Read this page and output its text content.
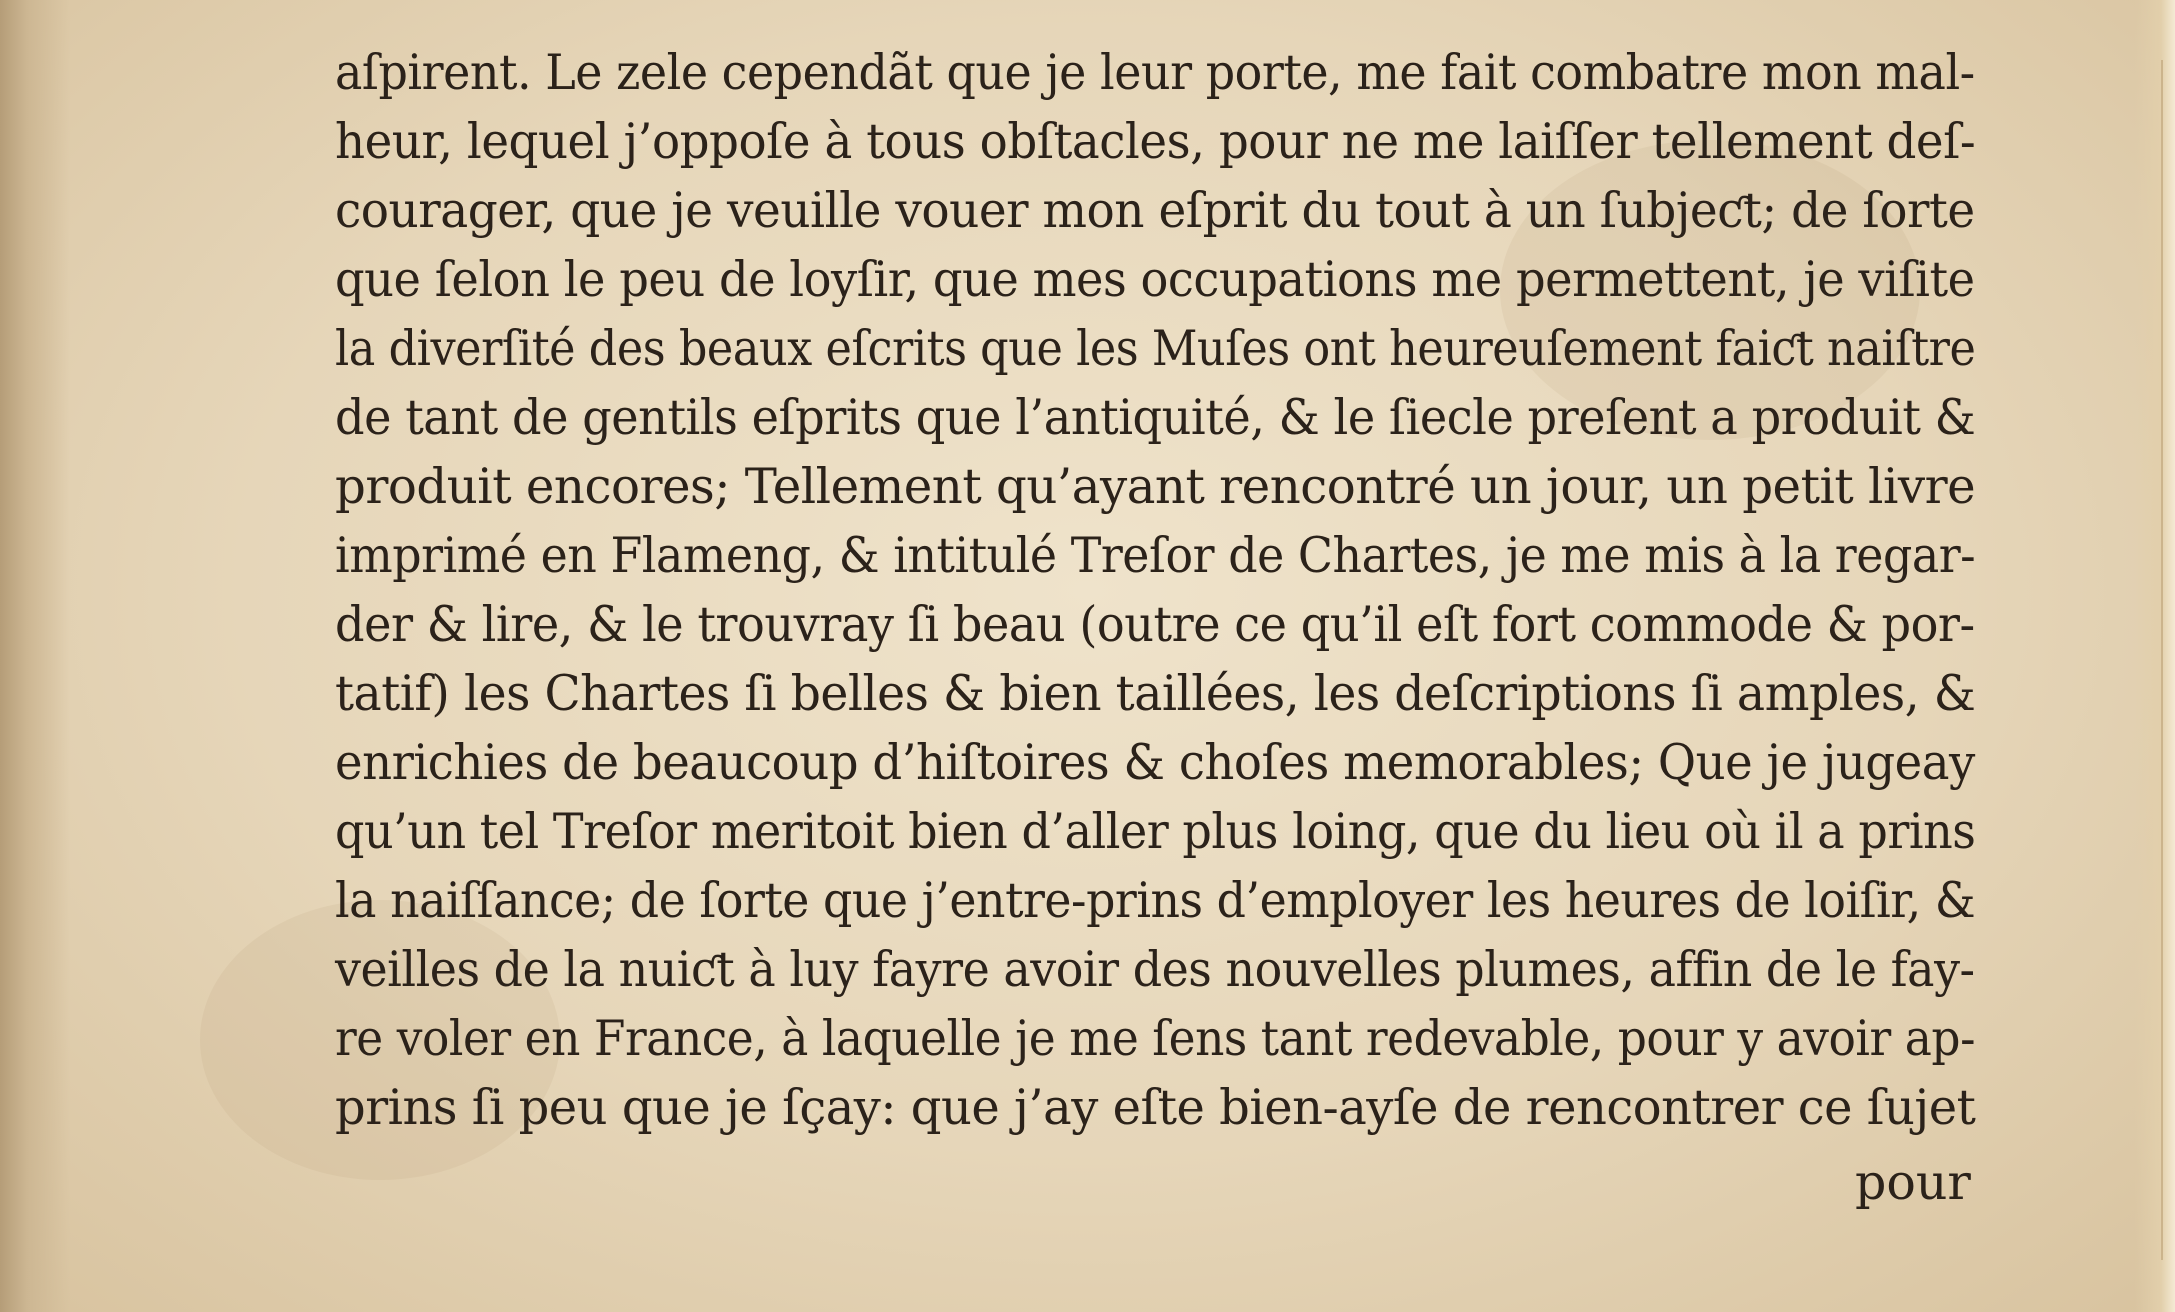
aſpirent. Le zele cependãt que je leur porte, me fait combatre mon mal-
heur, lequel j’oppoſe à tous obſtacles, pour ne me laiſſer tellement deſ-
courager, que je veuille vouer mon eſprit du tout à un ſubjeƈt; de ſorte
que ſelon le peu de loyſir, que mes occupations me permettent, je viſite
la diverſité des beaux eſcrits que les Muſes ont heureuſement faiƈt naiſtre
de tant de gentils eſprits que l’antiquité, & le ſiecle preſent a produit &
produit encores; Tellement qu’ayant rencontré un jour, un petit livre
imprimé en Flameng, & intitulé Treſor de Chartes, je me mis à la regar-
der & lire, & le trouvray ſi beau (outre ce qu’il eſt fort commode & por-
tatif) les Chartes ſi belles & bien taillées, les deſcriptions ſi amples, &
enrichies de beaucoup d’hiſtoires & choſes memorables; Que je jugeay
qu’un tel Treſor meritoit bien d’aller plus loing, que du lieu où il a prins
la naiſſance; de ſorte que j’entre-prins d’employer les heures de loiſir, &
veilles de la nuiƈt à luy fayre avoir des nouvelles plumes, affin de le fay-
re voler en France, à laquelle je me ſens tant redevable, pour y avoir ap-
prins ſi peu que je ſçay: que j’ay eſte bien-ayſe de rencontrer ce ſujet
pour
